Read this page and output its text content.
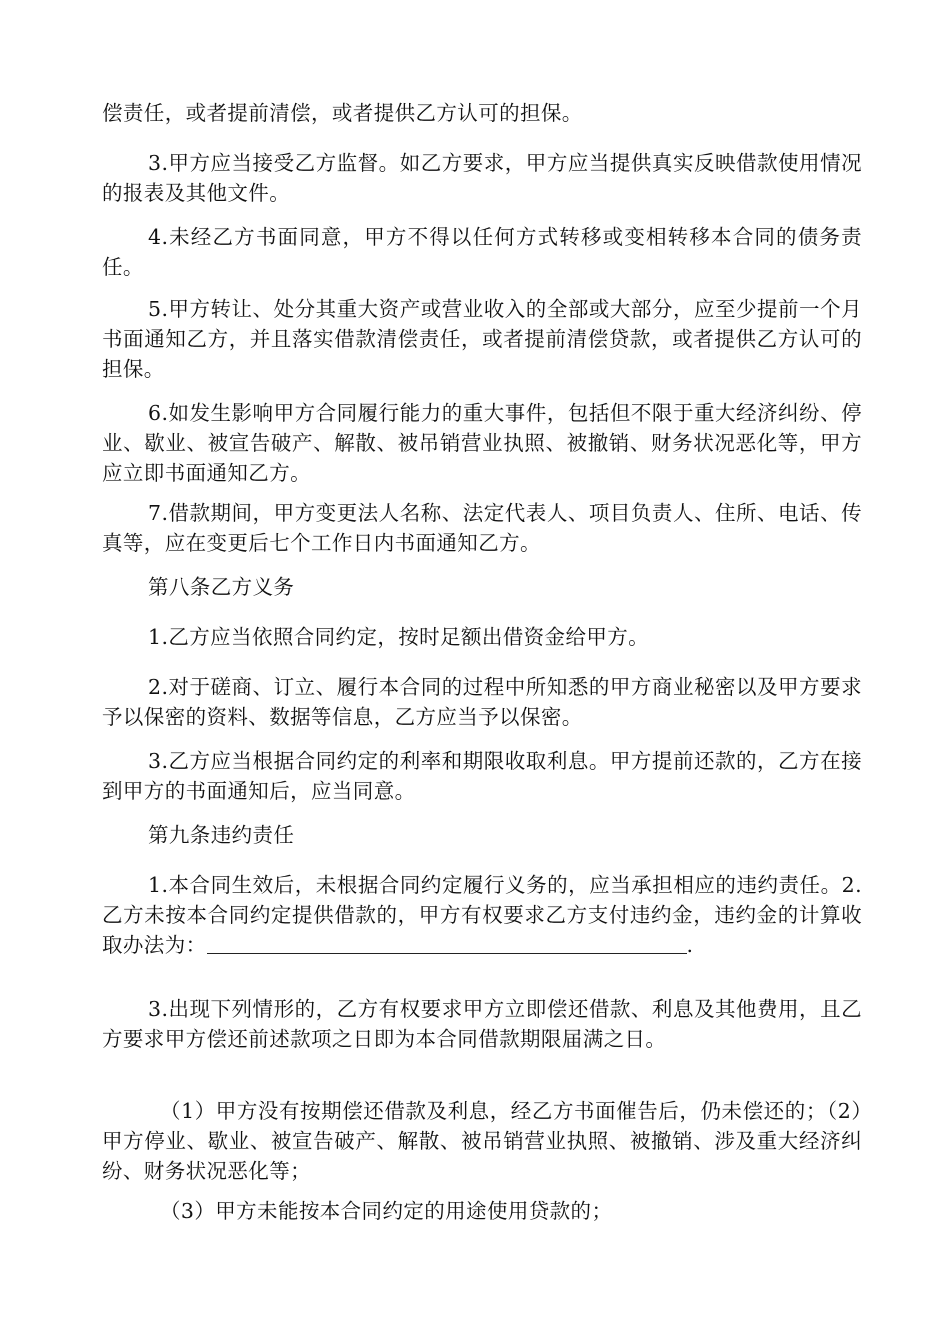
偿责任，或者提前清偿，或者提供乙方认可的担保。

3.甲方应当接受乙方监督。如乙方要求，甲方应当提供真实反映借款使用情况的报表及其他文件。

4.未经乙方书面同意，甲方不得以任何方式转移或变相转移本合同的债务责任。

5.甲方转让、处分其重大资产或营业收入的全部或大部分，应至少提前一个月书面通知乙方，并且落实借款清偿责任，或者提前清偿贷款，或者提供乙方认可的担保。

6.如发生影响甲方合同履行能力的重大事件，包括但不限于重大经济纠纷、停业、歇业、被宣告破产、解散、被吊销营业执照、被撤销、财务状况恶化等，甲方应立即书面通知乙方。

7.借款期间，甲方变更法人名称、法定代表人、项目负责人、住所、电话、传真等，应在变更后七个工作日内书面通知乙方。

第八条乙方义务

1.乙方应当依照合同约定，按时足额出借资金给甲方。

2.对于磋商、订立、履行本合同的过程中所知悉的甲方商业秘密以及甲方要求予以保密的资料、数据等信息，乙方应当予以保密。

3.乙方应当根据合同约定的利率和期限收取利息。甲方提前还款的，乙方在接到甲方的书面通知后，应当同意。

第九条违约责任

1.本合同生效后，未根据合同约定履行义务的，应当承担相应的违约责任。2.乙方未按本合同约定提供借款的，甲方有权要求乙方支付违约金，违约金的计算收取办法为：	.

3.出现下列情形的，乙方有权要求甲方立即偿还借款、利息及其他费用，且乙方要求甲方偿还前述款项之日即为本合同借款期限届满之日。

（1）甲方没有按期偿还借款及利息，经乙方书面催告后，仍未偿还的；（2）甲方停业、歇业、被宣告破产、解散、被吊销营业执照、被撤销、涉及重大经济纠纷、财务状况恶化等；

（3）甲方未能按本合同约定的用途使用贷款的；
